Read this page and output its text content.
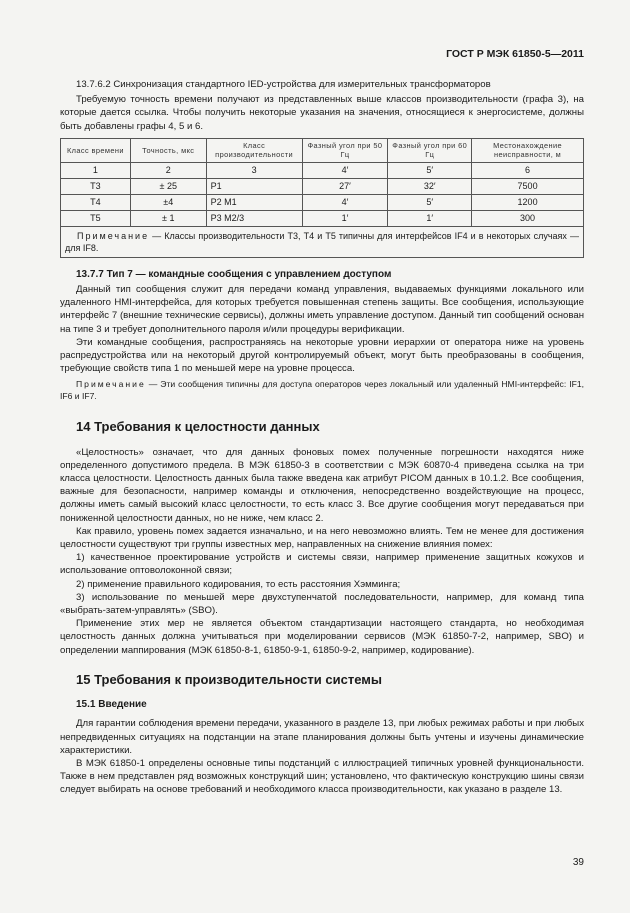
ГОСТ Р МЭК 61850-5—2011

13.7.6.2 Синхронизация стандартного IED-устройства для измерительных трансформаторов

Требуемую точность времени получают из представленных выше классов производительности (графа 3), на которые дается ссылка. Чтобы получить некоторые указания на значения, относящиеся к энергосистеме, должны быть добавлены графы 4, 5 и 6.

Класс времени	Точность, мкс	Класс производительности	Фазный угол при 50 Гц	Фазный угол при 60 Гц	Местонахождение неисправности, м
1	2	3	4′	5′	6
Т3	± 25	P1	27′	32′	7500
Т4	±4	P2 M1	4′	5′	1200
Т5	± 1	P3 M2/3	1′	1′	300
Примечание — Классы производительности Т3, Т4 и Т5 типичны для интерфейсов IF4 и в некоторых случаях — для IF8.					
13.7.7 Тип 7 — командные сообщения с управлением доступом

Данный тип сообщения служит для передачи команд управления, выдаваемых функциями локального или удаленного HMI-интерфейса, для которых требуется повышенная степень защиты. Все сообщения, использующие интерфейс 7 (внешние технические сервисы), должны иметь управление доступом. Данный тип сообщений основан на типе 3 и требует дополнительного пароля и/или процедуры верификации.

Эти командные сообщения, распространяясь на некоторые уровни иерархии от оператора ниже на уровень распредустройства или на некоторый другой контролируемый объект, могут быть преобразованы в сообщения, требующие свойств типа 1 по меньшей мере на уровне процесса.

Примечание — Эти сообщения типичны для доступа операторов через локальный или удаленный HMI-интерфейс: IF1, IF6 и IF7.

14 Требования к целостности данных

«Целостность» означает, что для данных фоновых помех полученные погрешности находятся ниже определенного допустимого предела. В МЭК 61850-3 в соответствии с МЭК 60870-4 приведена ссылка на три класса целостности. Целостность данных была также введена как атрибут PICOM данных в 10.1.2. Все сообщения, важные для безопасности, например команды и отключения, непосредственно воздействующие на процесс, должны иметь самый высокий класс целостности, то есть класс 3. Все другие сообщения могут передаваться при пониженной целостности данных, но не ниже, чем класс 2.

Как правило, уровень помех задается изначально, и на него невозможно влиять. Тем не менее для достижения целостности существуют три группы известных мер, направленных на снижение влияния помех:

1) качественное проектирование устройств и системы связи, например применение защитных кожухов и использование оптоволоконной связи;

2) применение правильного кодирования, то есть расстояния Хэмминга;

3) использование по меньшей мере двухступенчатой последовательности, например, для команд типа «выбрать-затем-управлять» (SBO).

Применение этих мер не является объектом стандартизации настоящего стандарта, но необходимая целостность данных должна учитываться при моделировании сервисов (МЭК 61850-7-2, например, SBO) и определении маппирования (МЭК 61850-8-1, 61850-9-1, 61850-9-2, например, кодирование).

15 Требования к производительности системы
15.1 Введение

Для гарантии соблюдения времени передачи, указанного в разделе 13, при любых режимах работы и при любых непредвиденных ситуациях на подстанции на этапе планирования должны быть учтены и изучены динамические характеристики.

В МЭК 61850-1 определены основные типы подстанций с иллюстрацией типичных уровней функциональности. Также в нем представлен ряд возможных конструкций шин; установлено, что фактическую конструкцию шины связи следует выбирать на основе требований и необходимого класса производительности, как указано в разделе 13.

39
